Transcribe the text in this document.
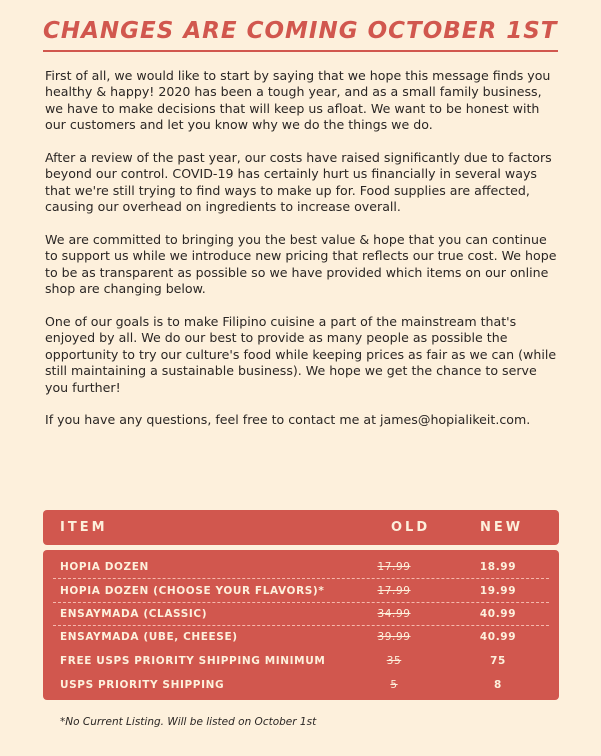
CHANGES ARE COMING OCTOBER 1ST

First of all, we would like to start by saying that we hope this message finds you healthy & happy! 2020 has been a tough year, and as a small family business, we have to make decisions that will keep us afloat. We want to be honest with our customers and let you know why we do the things we do.

After a review of the past year, our costs have raised significantly due to factors beyond our control. COVID-19 has certainly hurt us financially in several ways that we're still trying to find ways to make up for. Food supplies are affected, causing our overhead on ingredients to increase overall.

We are committed to bringing you the best value & hope that you can continue to support us while we introduce new pricing that reflects our true cost. We hope to be as transparent as possible so we have provided which items on our online shop are changing below.

One of our goals is to make Filipino cuisine a part of the mainstream that's enjoyed by all. We do our best to provide as many people as possible the opportunity to try our culture's food while keeping prices as fair as we can (while still maintaining a sustainable business). We hope we get the chance to serve you further!

If you have any questions, feel free to contact me at james@hopialikeit.com.

ITEM	OLD	NEW
HOPIA DOZEN	17.99	18.99
HOPIA DOZEN (CHOOSE YOUR FLAVORS)*	17.99	19.99
ENSAYMADA (CLASSIC)	34.99	40.99
ENSAYMADA (UBE, CHEESE)	39.99	40.99
FREE USPS PRIORITY SHIPPING MINIMUM	35	75
USPS PRIORITY SHIPPING	5	8
*No Current Listing. Will be listed on October 1st
